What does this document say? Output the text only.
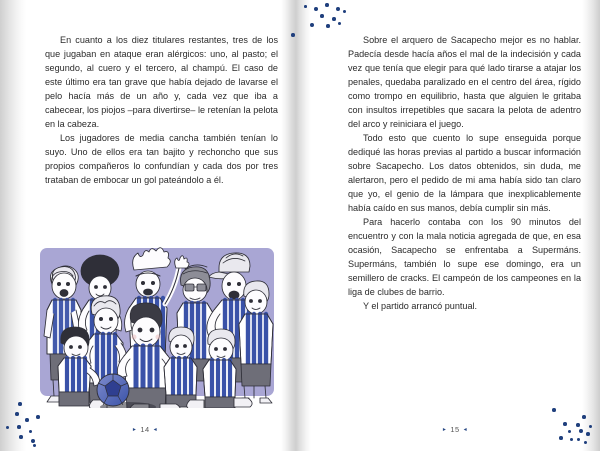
En cuanto a los diez titulares restantes, tres de los que jugaban en ataque eran alérgicos: uno, al pasto; el segundo, al cuero y el tercero, al champú. El caso de este último era tan grave que había dejado de lavarse el pelo hacía más de un año y, cada vez que iba a cabecear, los piojos –para divertirse– le retenían la pelota en la cabeza.

Los jugadores de media cancha también tenían lo suyo. Uno de ellos era tan bajito y rechoncho que sus propios compañeros lo confundían y cada dos por tres trataban de embocar un gol pateándolo a él.

▸ 14 ◂

Sobre el arquero de Sacapecho mejor es no hablar. Padecía desde hacía años el mal de la indecisión y cada vez que tenía que elegir para qué lado tirarse a atajar los penales, quedaba paralizado en el centro del área, rígido como trompo en equilibrio, hasta que alguien le gritaba con insultos irrepetibles que sacara la pelota de adentro del arco y reiniciara el juego.

Todo esto que cuento lo supe enseguida porque dediqué las horas previas al partido a buscar información sobre Sacapecho. Los datos obtenidos, sin duda, me alertaron, pero el pedido de mi ama había sido tan claro que yo, el genio de la lámpara que inexplicablemente había caído en sus manos, debía cumplir sin más.

Para hacerlo contaba con los 90 minutos del encuentro y con la mala noticia agregada de que, en esa ocasión, Sacapecho se enfrentaba a Supermáns. Supermáns, también lo supe ese domingo, era un semillero de cracks. El campeón de los campeones en la liga de clubes de barrio.

Y el partido arrancó puntual.

▸ 15 ◂
